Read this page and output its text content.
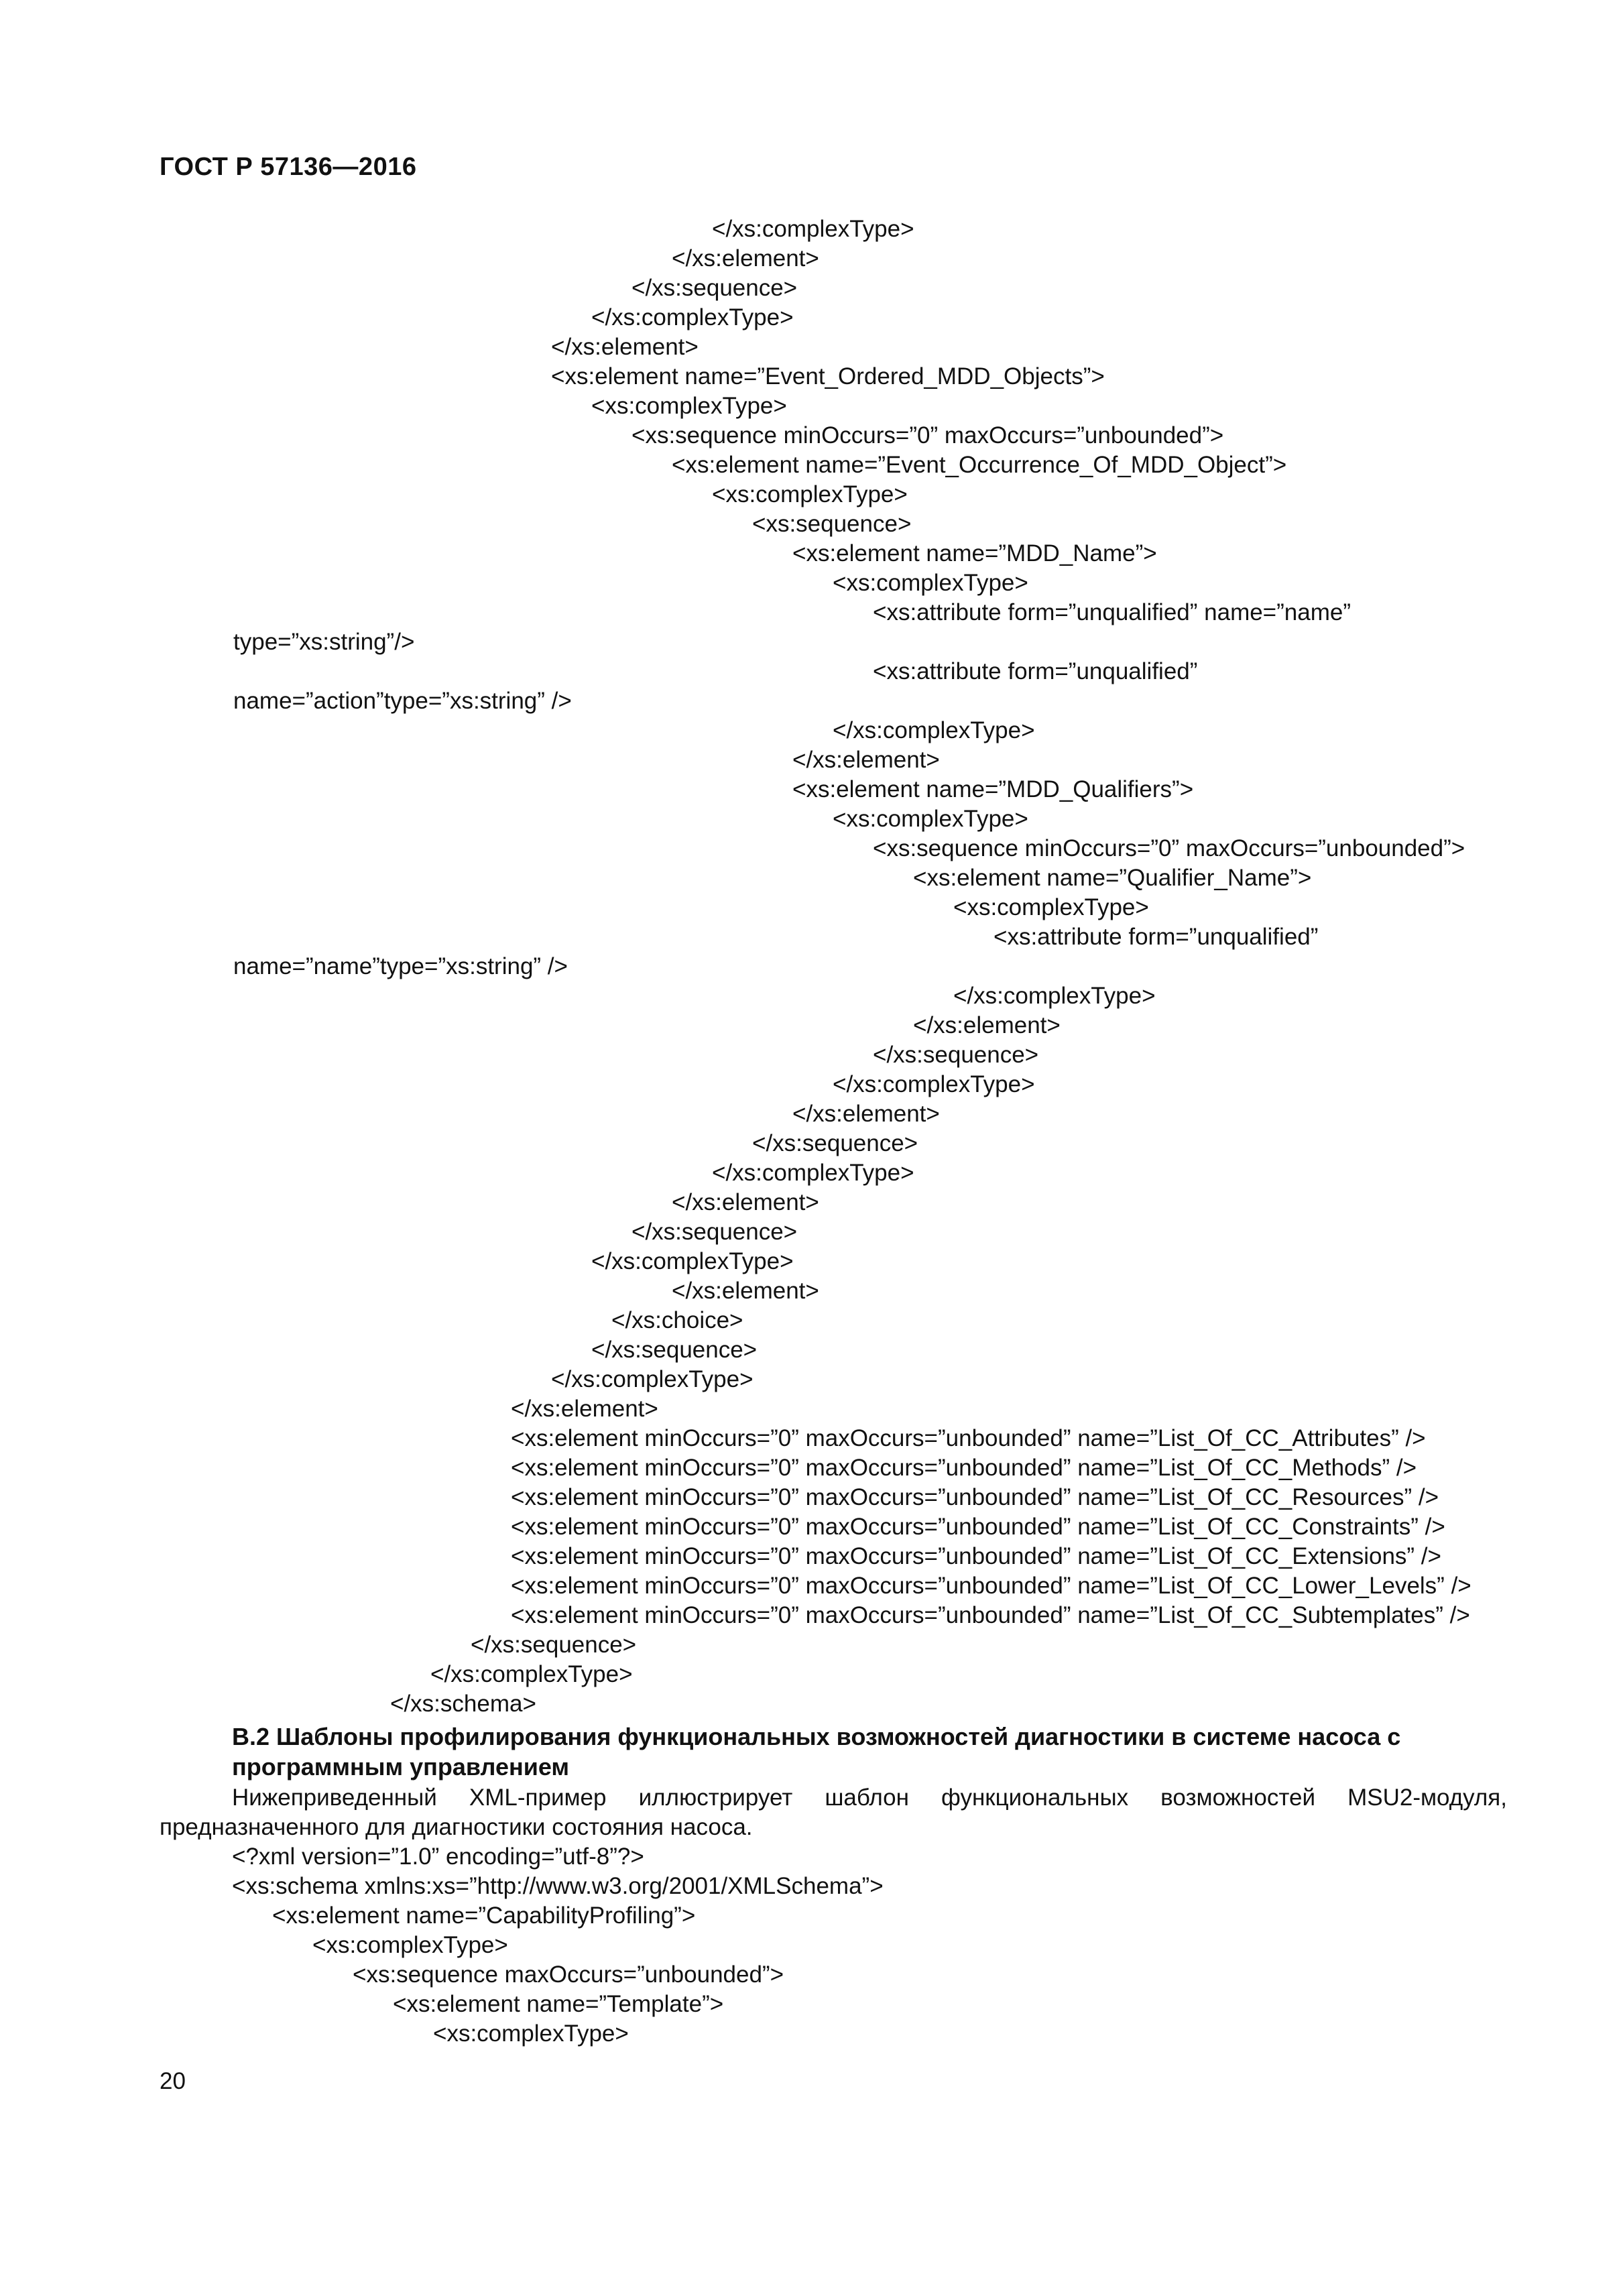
ГОСТ Р 57136—2016
</xs:complexType>
</xs:element>
</xs:sequence>
</xs:complexType>
</xs:element>
<xs:element name=”Event_Ordered_MDD_Objects”>
<xs:complexType>
<xs:sequence minOccurs=”0” maxOccurs=”unbounded”>
<xs:element name=”Event_Occurrence_Of_MDD_Object”>
<xs:complexType>
<xs:sequence>
<xs:element name=”MDD_Name”>
<xs:complexType>
<xs:attribute form=”unqualified” name=”name”
type=”xs:string”/>
<xs:attribute form=”unqualified”
name=”action”type=”xs:string” />
</xs:complexType>
</xs:element>
<xs:element name=”MDD_Qualifiers”>
<xs:complexType>
<xs:sequence minOccurs=”0” maxOccurs=”unbounded”>
<xs:element name=”Qualifier_Name”>
<xs:complexType>
<xs:attribute form=”unqualified”
name=”name”type=”xs:string” />
</xs:complexType>
</xs:element>
</xs:sequence>
</xs:complexType>
</xs:element>
</xs:sequence>
</xs:complexType>
</xs:element>
</xs:sequence>
</xs:complexType>
</xs:element>
</xs:choice>
</xs:sequence>
</xs:complexType>
</xs:element>
<xs:element minOccurs=”0” maxOccurs=”unbounded” name=”List_Of_CC_Attributes” />
<xs:element minOccurs=”0” maxOccurs=”unbounded” name=”List_Of_CC_Methods” />
<xs:element minOccurs=”0” maxOccurs=”unbounded” name=”List_Of_CC_Resources” />
<xs:element minOccurs=”0” maxOccurs=”unbounded” name=”List_Of_CC_Constraints” />
<xs:element minOccurs=”0” maxOccurs=”unbounded” name=”List_Of_CC_Extensions” />
<xs:element minOccurs=”0” maxOccurs=”unbounded” name=”List_Of_CC_Lower_Levels” />
<xs:element minOccurs=”0” maxOccurs=”unbounded” name=”List_Of_CC_Subtemplates” />
</xs:sequence>
</xs:complexType>
</xs:schema>
В.2 Шаблоны профилирования функциональных возможностей диагностики в системе насоса с программным управлением
Нижеприведенный XML-пример иллюстрирует шаблон функциональных возможностей MSU2-модуля,
предназначенного для диагностики состояния насоса.
<?xml version=”1.0” encoding=”utf-8”?>
<xs:schema xmlns:xs=”http://www.w3.org/2001/XMLSchema”>
<xs:element name=”CapabilityProfiling”>
<xs:complexType>
<xs:sequence maxOccurs=”unbounded”>
<xs:element name=”Template”>
<xs:complexType>
20
